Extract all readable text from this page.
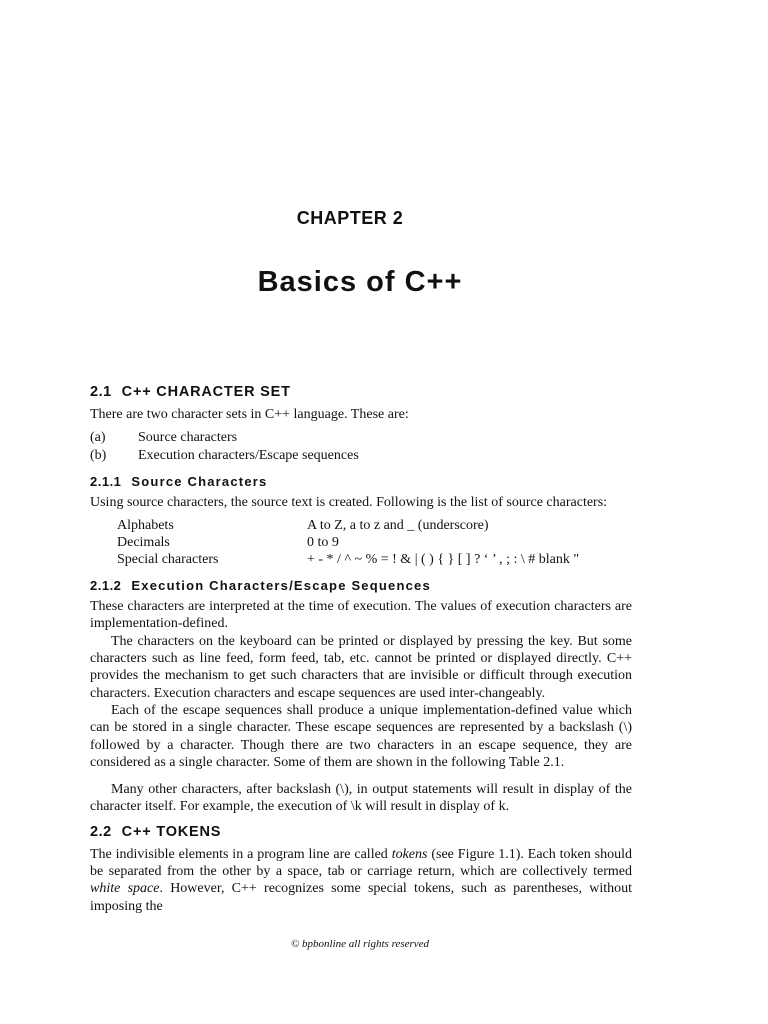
CHAPTER 2
Basics of C++
2.1 C++ CHARACTER SET

There are two character sets in C++ language. These are:

(a)	Source characters
(b)	Execution characters/Escape sequences
2.1.1 Source Characters

Using source characters, the source text is created. Following is the list of source characters:

Alphabets	A to Z, a to z and _ (underscore)
Decimals	0 to 9
Special characters	+ - * / ^ ~ % = ! & | ( ) { } [ ] ? ‘ ’ , ; : \ # blank "
2.1.2 Execution Characters/Escape Sequences

These characters are interpreted at the time of execution. The values of execution characters are implementation-defined.

The characters on the keyboard can be printed or displayed by pressing the key. But some characters such as line feed, form feed, tab, etc. cannot be printed or displayed directly. C++ provides the mechanism to get such characters that are invisible or difficult through execution characters. Execution characters and escape sequences are used inter-changeably.

Each of the escape sequences shall produce a unique implementation-defined value which can be stored in a single character. These escape sequences are represented by a backslash (\) followed by a character. Though there are two characters in an escape sequence, they are considered as a single character. Some of them are shown in the following Table 2.1.

Many other characters, after backslash (\), in output statements will result in display of the character itself. For example, the execution of \k will result in display of k.

2.2 C++ TOKENS

The indivisible elements in a program line are called tokens (see Figure 1.1). Each token should be separated from the other by a space, tab or carriage return, which are collectively termed white space. However, C++ recognizes some special tokens, such as parentheses, without imposing the

© bpbonline all rights reserved
